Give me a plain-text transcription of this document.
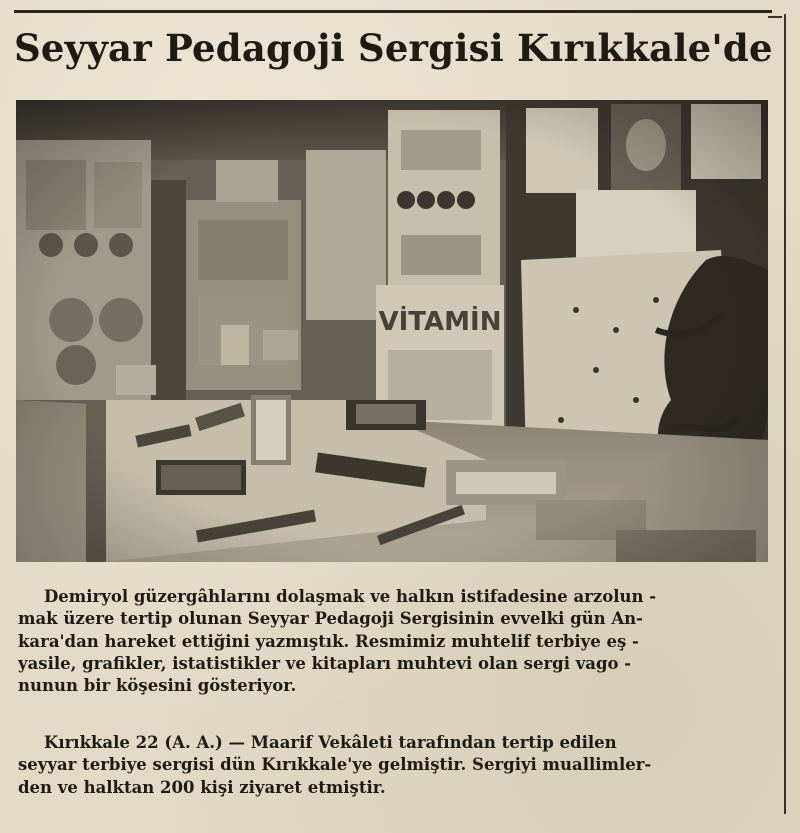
Seyyar Pedagoji Sergisi Kırıkkale'de
Demiryol güzergâhlarını dolaşmak ve halkın istifadesine arzolun -
mak üzere tertip olunan Seyyar Pedagoji Sergisinin evvelki gün An-
kara'dan hareket ettiğini yazmıştık. Resmimiz muhtelif terbiye eş -
yasile, grafikler, istatistikler ve kitapları muhtevi olan sergi vago -
nunun bir köşesini gösteriyor.
Kırıkkale 22 (A. A.) — Maarif Vekâleti tarafından tertip edilen
seyyar terbiye sergisi dün Kırıkkale'ye gelmiştir. Sergiyi muallimler-
den ve halktan 200 kişi ziyaret etmiştir.
